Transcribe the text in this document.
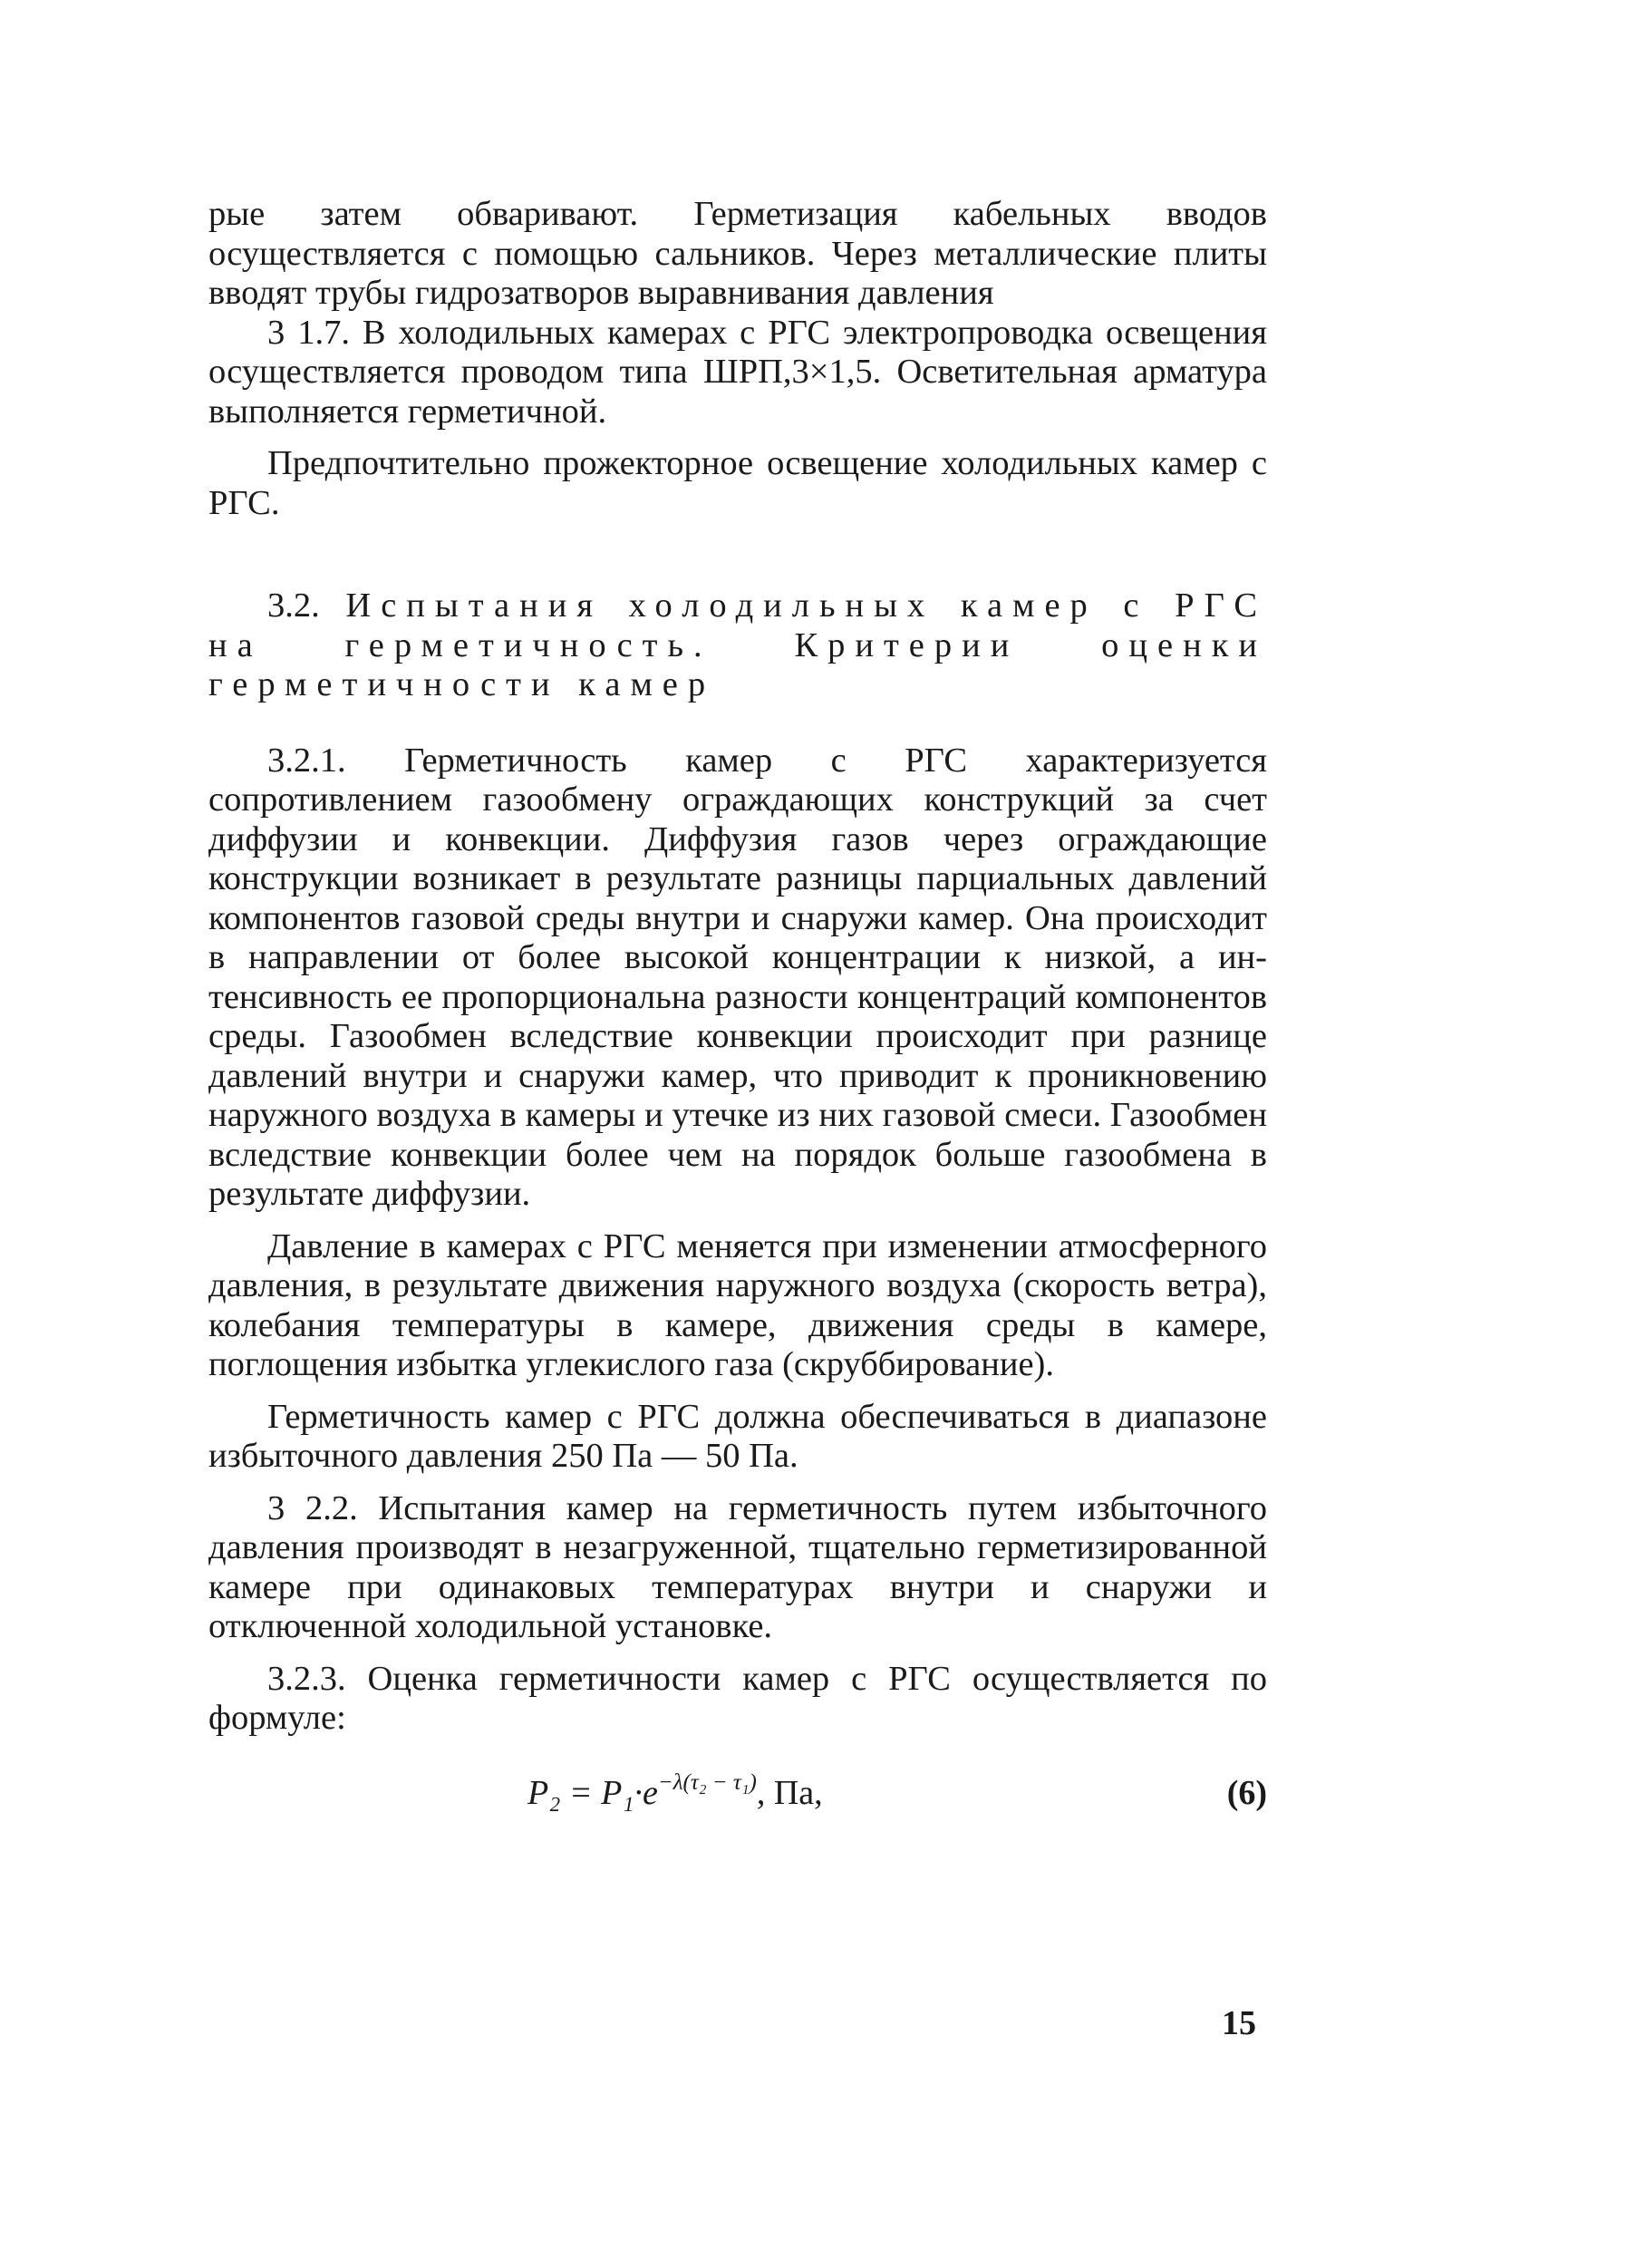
рые затем обваривают. Герметизация кабельных вводов осуществляется с помощью сальников. Через металлические плиты вводят трубы гидрозатворов выравнивания давления

3 1.7. В холодильных камерах с РГС электропроводка освещения осуществляется проводом типа ШРП,3×1,5. Осветительная арматура выполняется герметичной.

Предпочтительно прожекторное освещение холодильных камер с РГС.

3.2. Испытания холодильных камер с РГС на герметичность. Критерии оценки герметичности камер

3.2.1. Герметичность камер с РГС характеризуется сопротивлением газообмену ограждающих конструкций за счет диффузии и конвекции. Диффузия газов через ограждающие конструкции возникает в результате разницы парциальных давлений компонентов газовой среды внутри и снаружи камер. Она происходит в направлении от более высокой концентрации к низкой, а интенсивность ее пропорциональна разности концентраций компонентов среды. Газообмен вследствие конвекции происходит при разнице давлений внутри и снаружи камер, что приводит к проникновению наружного воздуха в камеры и утечке из них газовой смеси. Газообмен вследствие конвекции более чем на порядок больше газообмена в результате диффузии.

Давление в камерах с РГС меняется при изменении атмосферного давления, в результате движения наружного воздуха (скорость ветра), колебания температуры в камере, движения среды в камере, поглощения избытка углекислого газа (скруббирование).

Герметичность камер с РГС должна обеспечиваться в диапазоне избыточного давления 250 Па — 50 Па.

3 2.2. Испытания камер на герметичность путем избыточного давления производят в незагруженной, тщательно герметизированной камере при одинаковых температурах внутри и снаружи и отключенной холодильной установке.

3.2.3. Оценка герметичности камер с РГС осуществляется по формуле:

$P_2 = P_1\cdot e^{-\lambda(\tau_2 - \tau_1)}$, Па,	(6)
15
